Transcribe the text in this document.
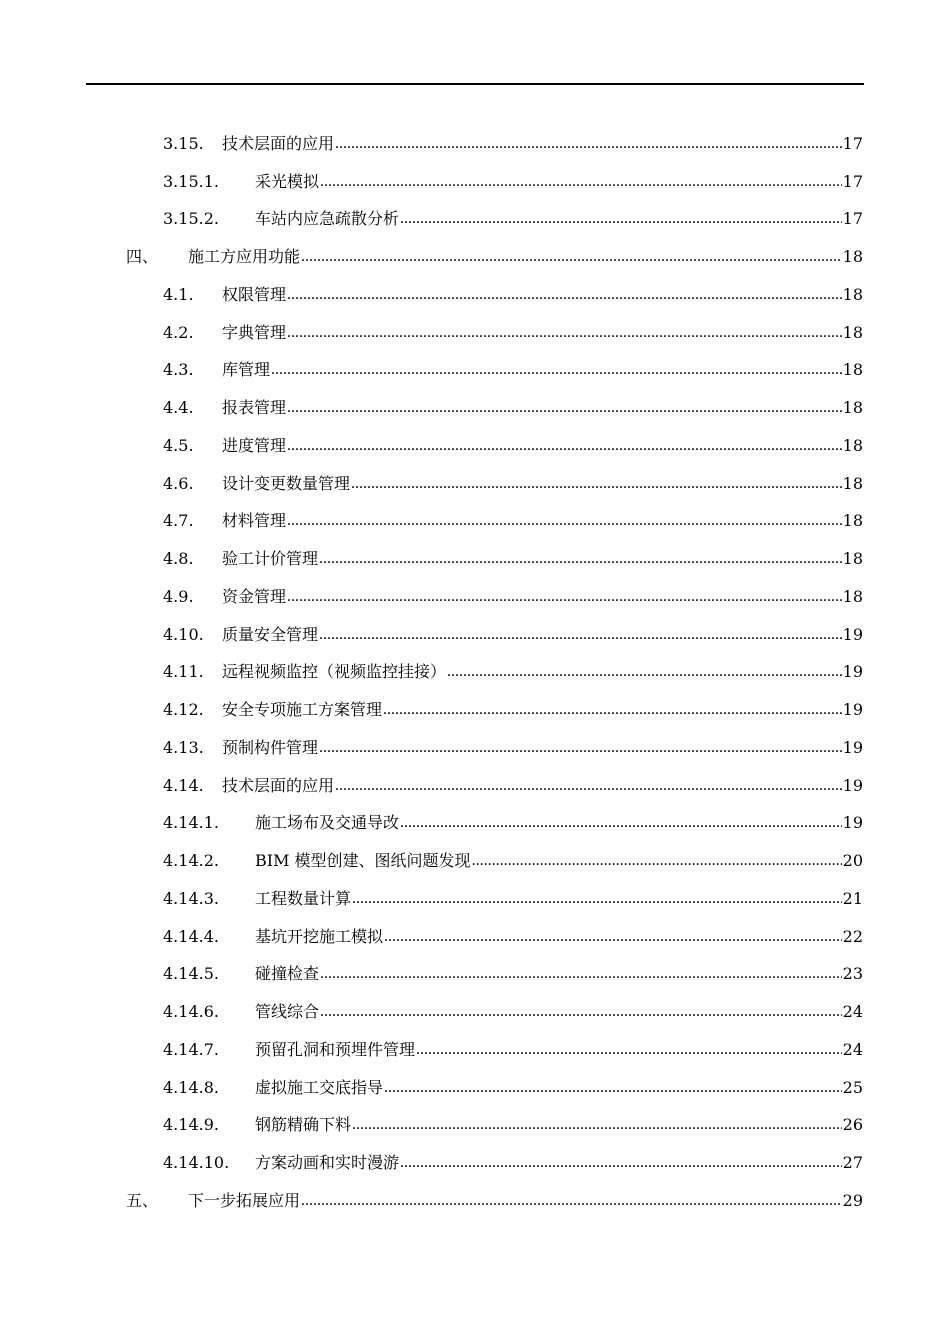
3.15.	技术层面的应用 .....	17
3.15.1.	采光模拟 .....	17
3.15.2.	车站内应急疏散分析 .....	17
四、	施工方应用功能 .....	18
4.1.	权限管理 .....	18
4.2.	字典管理 .....	18
4.3.	库管理 .....	18
4.4.	报表管理 .....	18
4.5.	进度管理 .....	18
4.6.	设计变更数量管理 .....	18
4.7.	材料管理 .....	18
4.8.	验工计价管理 .....	18
4.9.	资金管理 .....	18
4.10.	质量安全管理 .....	19
4.11.	远程视频监控（视频监控挂接） .....	19
4.12.	安全专项施工方案管理 .....	19
4.13.	预制构件管理 .....	19
4.14.	技术层面的应用 .....	19
4.14.1.	施工场布及交通导改 .....	19
4.14.2.	BIM 模型创建、图纸问题发现 .....	20
4.14.3.	工程数量计算 .....	21
4.14.4.	基坑开挖施工模拟 .....	22
4.14.5.	碰撞检查 .....	23
4.14.6.	管线综合 .....	24
4.14.7.	预留孔洞和预埋件管理 .....	24
4.14.8.	虚拟施工交底指导 .....	25
4.14.9.	钢筋精确下料 .....	26
4.14.10.	方案动画和实时漫游 .....	27
五、	下一步拓展应用 .....	29
